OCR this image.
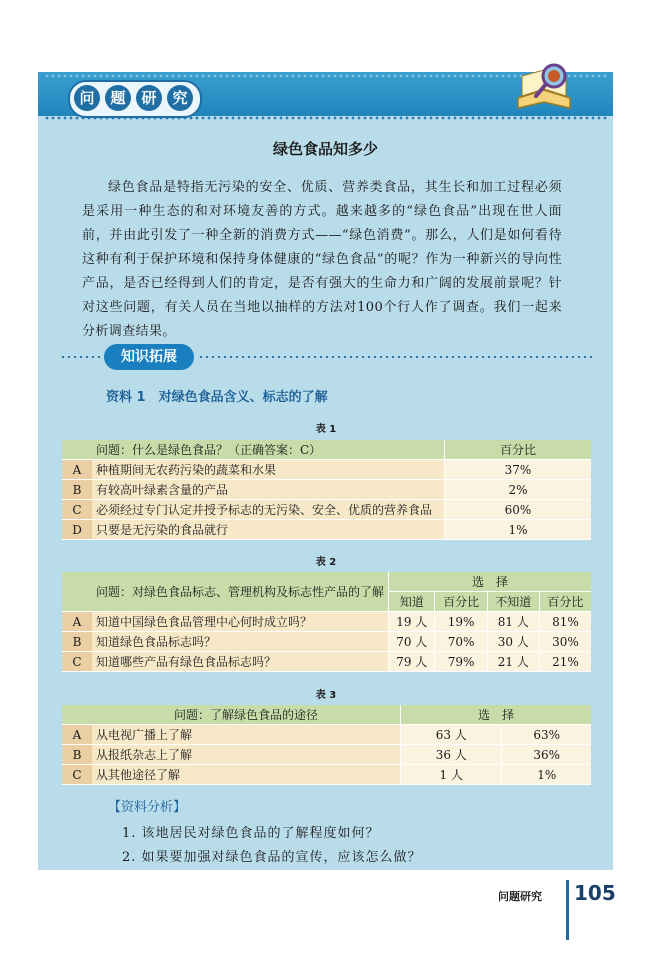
问	题	研	究
绿色食品知多少
绿色食品是特指无污染的安全、优质、营养类食品，其生长和加工过程必须是采用一种生态的和对环境友善的方式。越来越多的“绿色食品”出现在世人面前，并由此引发了一种全新的消费方式——“绿色消费”。那么，人们是如何看待这种有利于保护环境和保持身体健康的“绿色食品”的呢？作为一种新兴的导向性产品，是否已经得到人们的肯定，是否有强大的生命力和广阔的发展前景呢？针对这些问题，有关人员在当地以抽样的方法对100个行人作了调查。我们一起来分析调查结果。
知识拓展
资料 1　对绿色食品含义、标志的了解
表 1
	问题：什么是绿色食品？（正确答案：C）	百分比
A	种植期间无农药污染的蔬菜和水果	37%
B	有较高叶绿素含量的产品	2%
C	必须经过专门认定并授予标志的无污染、安全、优质的营养食品	60%
D	只要是无污染的食品就行	1%
表 2
	问题：对绿色食品标志、管理机构及标志性产品的了解	选　择			
		知道	百分比	不知道	百分比
A	知道中国绿色食品管理中心何时成立吗？	19 人	19%	81 人	81%
B	知道绿色食品标志吗？	70 人	70%	30 人	30%
C	知道哪些产品有绿色食品标志吗？	79 人	79%	21 人	21%
表 3
	问题：了解绿色食品的途径	选　择	
A	从电视广播上了解	63 人	63%
B	从报纸杂志上了解	36 人	36%
C	从其他途径了解	1 人	1%
【资料分析】
1. 该地居民对绿色食品的了解程度如何？
2. 如果要加强对绿色食品的宣传，应该怎么做？
问题研究 105
